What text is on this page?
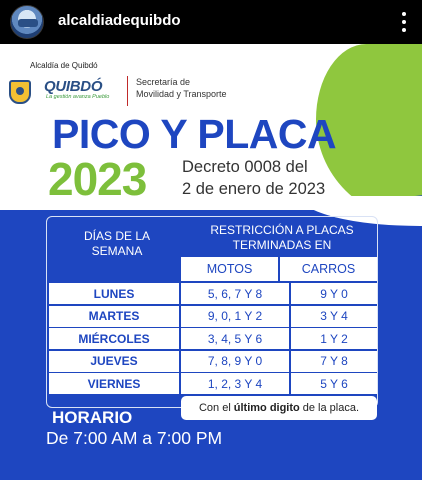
alcaldiadequibdo
Alcaldía de Quibdó
QUIBDÓ
La gestión avanza Pueblo
Secretaría de
Movilidad y Transporte
PICO Y PLACA
2023 Decreto 0008 del
2 de enero de 2023
DÍAS DE LA
SEMANA
RESTRICCIÓN A PLACAS
TERMINADAS EN
MOTOS	CARROS
LUNES	5, 6, 7 Y 8	9 Y 0
MARTES	9, 0, 1 Y 2	3 Y 4
MIÉRCOLES	3, 4, 5 Y 6	1 Y 2
JUEVES	7, 8, 9 Y 0	7 Y 8
VIERNES	1, 2, 3 Y 4	5 Y 6
Con el último digito de la placa.
HORARIO
De 7:00 AM a 7:00 PM
